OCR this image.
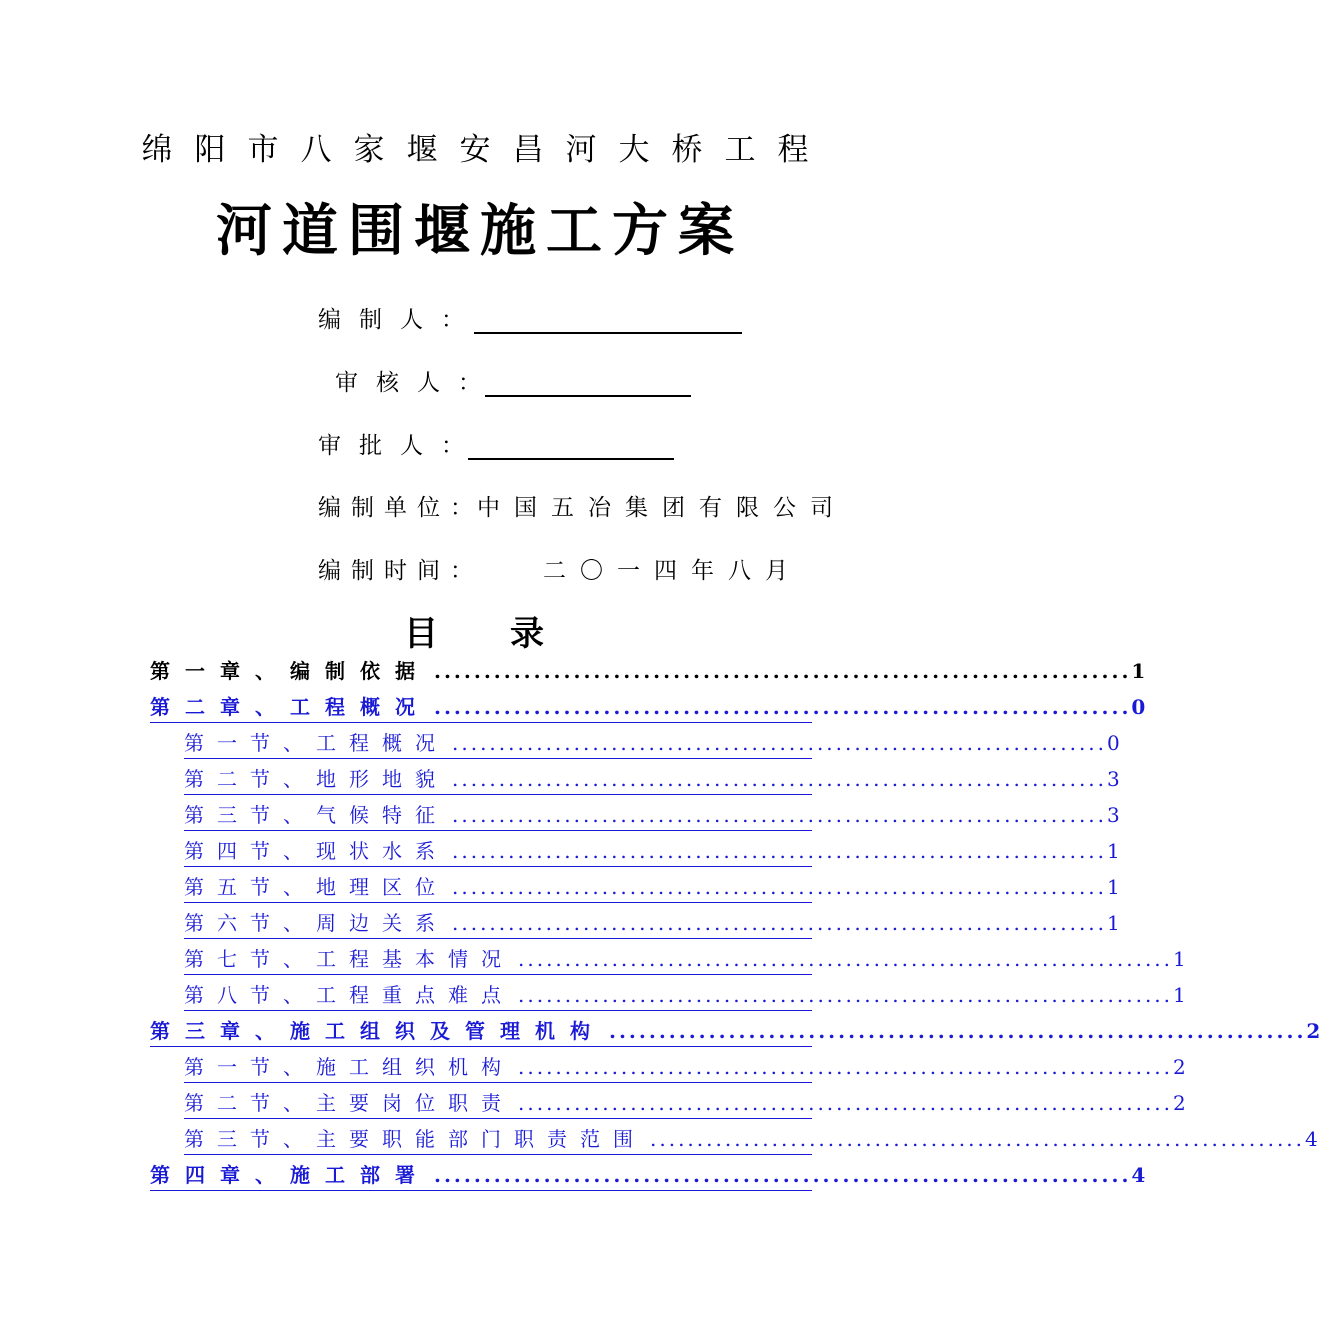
绵阳市八家堰安昌河大桥工程
河道围堰施工方案
编制人 ：
审核人 ：
审批人 ：
编制单位 ： 中国五冶集团有限公司
编制时间 ：	二〇一四年八月
目 录
第一章、编制依据 ...................................................................... 1
第二章、工程概况 ...................................................................... 0
第一节、工程概况 ...................................................................... 0
第二节、地形地貌 ...................................................................... 3
第三节、气候特征 ...................................................................... 3
第四节、现状水系 ...................................................................... 1
第五节、地理区位 ...................................................................... 1
第六节、周边关系 ...................................................................... 1
第七节、工程基本情况 ...................................................................... 1
第八节、工程重点难点 ...................................................................... 1
第三章、施工组织及管理机构 ...................................................................... 2
第一节、施工组织机构 ...................................................................... 2
第二节、主要岗位职责 ...................................................................... 2
第三节、主要职能部门职责范围 ...................................................................... 4
第四章、施工部署 ...................................................................... 4
